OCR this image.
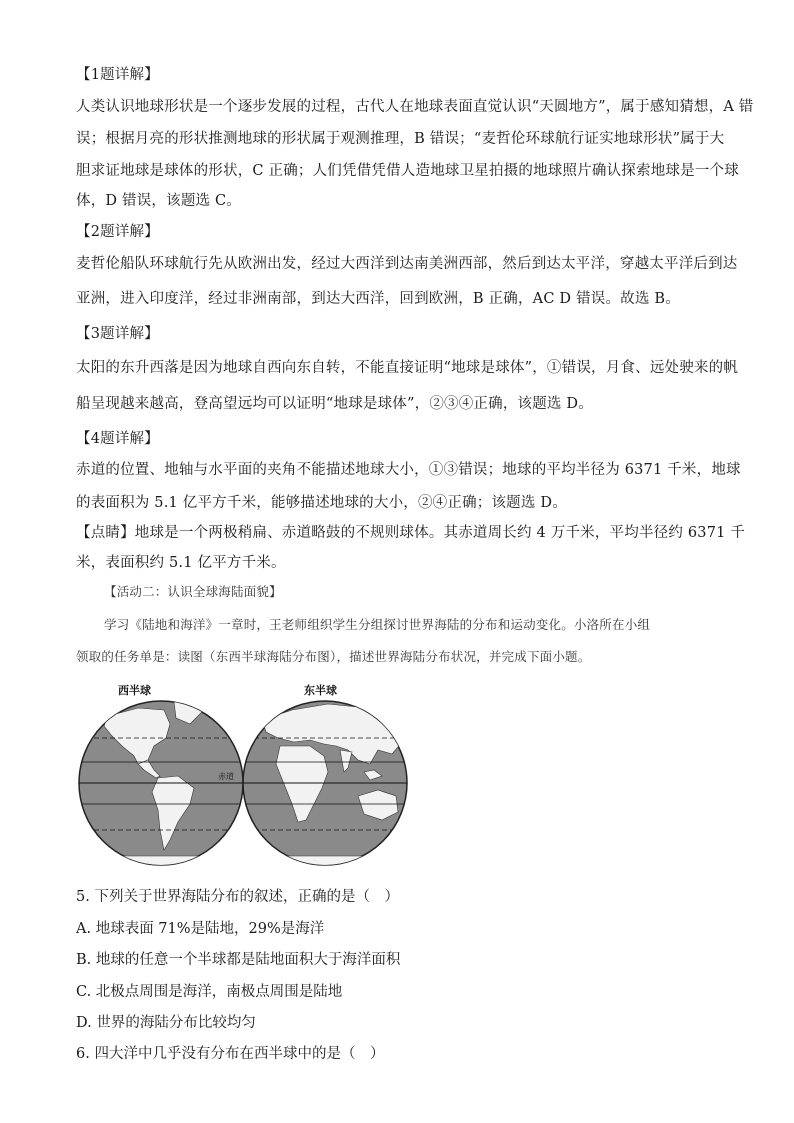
【1题详解】
人类认识地球形状是一个逐步发展的过程，古代人在地球表面直觉认识“天圆地方”，属于感知猜想，A 错
误；根据月亮的形状推测地球的形状属于观测推理，B 错误；“麦哲伦环球航行证实地球形状”属于大
胆求证地球是球体的形状，C 正确；人们凭借凭借人造地球卫星拍摄的地球照片确认探索地球是一个球
体，D 错误，该题选 C。
【2题详解】
麦哲伦船队环球航行先从欧洲出发，经过大西洋到达南美洲西部，然后到达太平洋，穿越太平洋后到达
亚洲，进入印度洋，经过非洲南部，到达大西洋，回到欧洲，B 正确，AC D 错误。故选 B。
【3题详解】
太阳的东升西落是因为地球自西向东自转，不能直接证明“地球是球体”，①错误，月食、远处驶来的帆
船呈现越来越高，登高望远均可以证明“地球是球体”，②③④正确，该题选 D。
【4题详解】
赤道的位置、地轴与水平面的夹角不能描述地球大小，①③错误；地球的平均半径为 6371 千米，地球
的表面积为 5.1 亿平方千米，能够描述地球的大小，②④正确；该题选 D。
【点睛】地球是一个两极稍扁、赤道略鼓的不规则球体。其赤道周长约 4 万千米，平均半径约 6371 千
米，表面积约 5.1 亿平方千米。
【活动二：认识全球海陆面貌】
学习《陆地和海洋》一章时，王老师组织学生分组探讨世界海陆的分布和运动变化。小洛所在小组
领取的任务单是：读图（东西半球海陆分布图），描述世界海陆分布状况，并完成下面小题。
西半球
赤道
东半球
5. 下列关于世界海陆分布的叙述，正确的是（　）
A. 地球表面 71%是陆地，29%是海洋
B. 地球的任意一个半球都是陆地面积大于海洋面积
C. 北极点周围是海洋，南极点周围是陆地
D. 世界的海陆分布比较均匀
6. 四大洋中几乎没有分布在西半球中的是（　）
